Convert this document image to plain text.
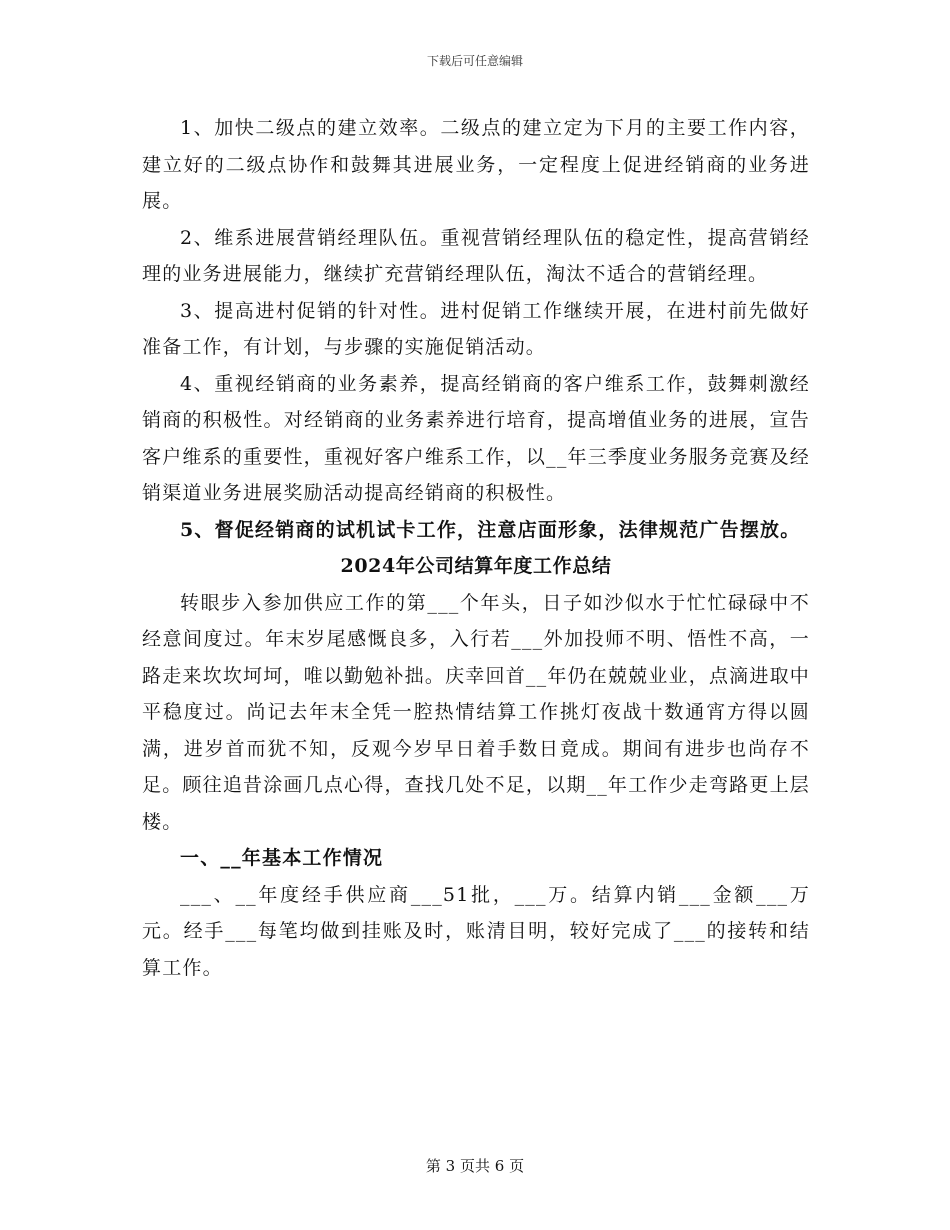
下载后可任意编辑

1、加快二级点的建立效率。二级点的建立定为下月的主要工作内容，建立好的二级点协作和鼓舞其进展业务，一定程度上促进经销商的业务进展。

2、维系进展营销经理队伍。重视营销经理队伍的稳定性，提高营销经理的业务进展能力，继续扩充营销经理队伍，淘汰不适合的营销经理。

3、提高进村促销的针对性。进村促销工作继续开展，在进村前先做好准备工作，有计划，与步骤的实施促销活动。

4、重视经销商的业务素养，提高经销商的客户维系工作，鼓舞刺激经销商的积极性。对经销商的业务素养进行培育，提高增值业务的进展，宣告客户维系的重要性，重视好客户维系工作，以__年三季度业务服务竞赛及经销渠道业务进展奖励活动提高经销商的积极性。

5、督促经销商的试机试卡工作，注意店面形象，法律规范广告摆放。

2024年公司结算年度工作总结

转眼步入参加供应工作的第___个年头，日子如沙似水于忙忙碌碌中不经意间度过。年末岁尾感慨良多，入行若___外加投师不明、悟性不高，一路走来坎坎坷坷，唯以勤勉补拙。庆幸回首__年仍在兢兢业业，点滴进取中平稳度过。尚记去年末全凭一腔热情结算工作挑灯夜战十数通宵方得以圆满，进岁首而犹不知，反观今岁早日着手数日竟成。期间有进步也尚存不足。顾往追昔涂画几点心得，查找几处不足，以期__年工作少走弯路更上层楼。

一、__年基本工作情况

___、__年度经手供应商___51批，___万。结算内销___金额___万元。经手___每笔均做到挂账及时，账清目明，较好完成了___的接转和结算工作。

第 3 页共 6 页
